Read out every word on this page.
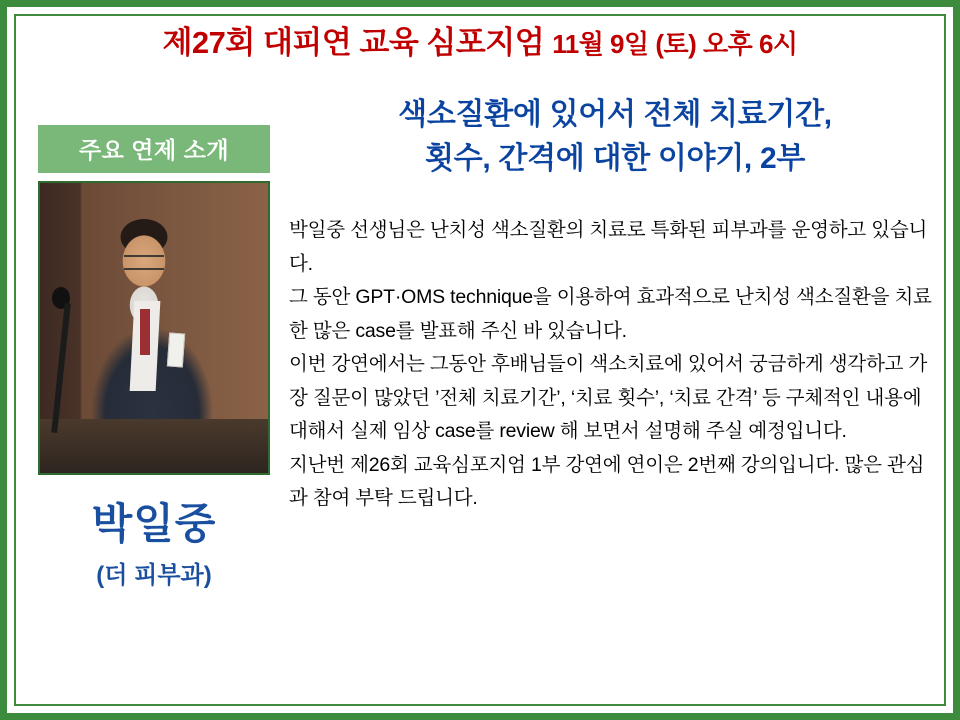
제27회 대피연 교육 심포지엄 11월 9일 (토) 오후 6시
주요 연제 소개
박일중
(더 피부과)
색소질환에 있어서 전체 치료기간,
횟수, 간격에 대한 이야기, 2부

박일중 선생님은 난치성 색소질환의 치료로 특화된 피부과를 운영하고 있습니다.

그 동안 GPT·OMS technique을 이용하여 효과적으로 난치성 색소질환을 치료한 많은 case를 발표해 주신 바 있습니다.

이번 강연에서는 그동안 후배님들이 색소치료에 있어서 궁금하게 생각하고 가장 질문이 많았던 ’전체 치료기간’, ‘치료 횟수’, ‘치료 간격’ 등 구체적인 내용에 대해서 실제 임상 case를 review 해 보면서 설명해 주실 예정입니다.

지난번 제26회 교육심포지엄 1부 강연에 연이은 2번째 강의입니다. 많은 관심과 참여 부탁 드립니다.
